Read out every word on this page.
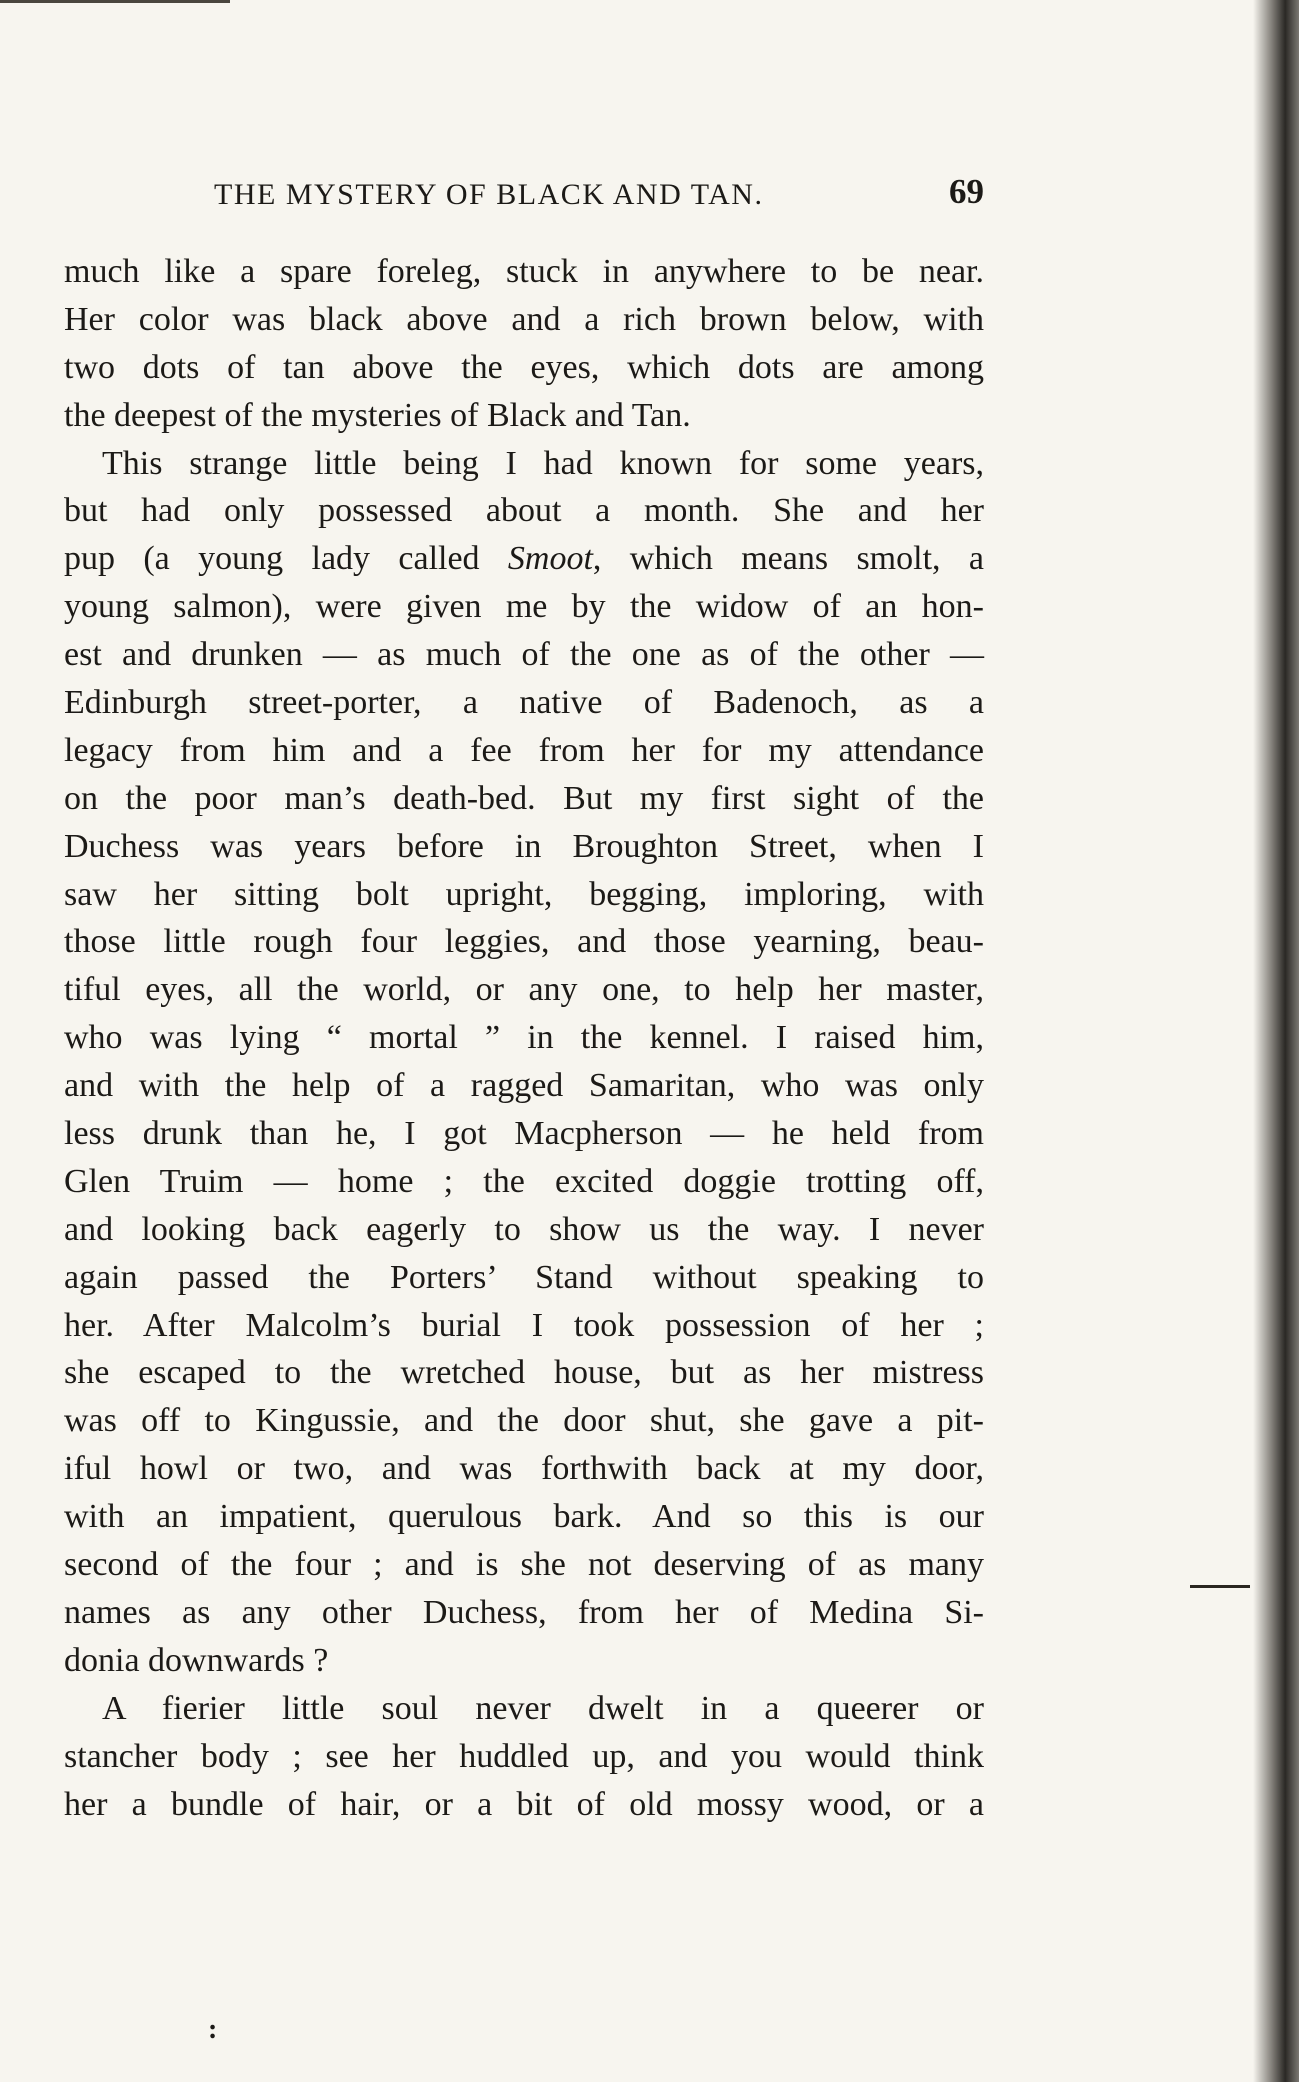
THE MYSTERY OF BLACK AND TAN.	69
much like a spare foreleg, stuck in anywhere to be near.
Her color was black above and a rich brown below, with
two dots of tan above the eyes, which dots are among
the deepest of the mysteries of Black and Tan.
This strange little being I had known for some years,
but had only possessed about a month. She and her
pup (a young lady called Smoot, which means smolt, a
young salmon), were given me by the widow of an hon-
est and drunken — as much of the one as of the other —
Edinburgh street-porter, a native of Badenoch, as a
legacy from him and a fee from her for my attendance
on the poor man’s death-bed. But my first sight of the
Duchess was years before in Broughton Street, when I
saw her sitting bolt upright, begging, imploring, with
those little rough four leggies, and those yearning, beau-
tiful eyes, all the world, or any one, to help her master,
who was lying “ mortal ” in the kennel. I raised him,
and with the help of a ragged Samaritan, who was only
less drunk than he, I got Macpherson — he held from
Glen Truim — home ; the excited doggie trotting off,
and looking back eagerly to show us the way. I never
again passed the Porters’ Stand without speaking to
her. After Malcolm’s burial I took possession of her ;
she escaped to the wretched house, but as her mistress
was off to Kingussie, and the door shut, she gave a pit-
iful howl or two, and was forthwith back at my door,
with an impatient, querulous bark. And so this is our
second of the four ; and is she not deserving of as many
names as any other Duchess, from her of Medina Si-
donia downwards ?
A fierier little soul never dwelt in a queerer or
stancher body ; see her huddled up, and you would think
her a bundle of hair, or a bit of old mossy wood, or a
:
